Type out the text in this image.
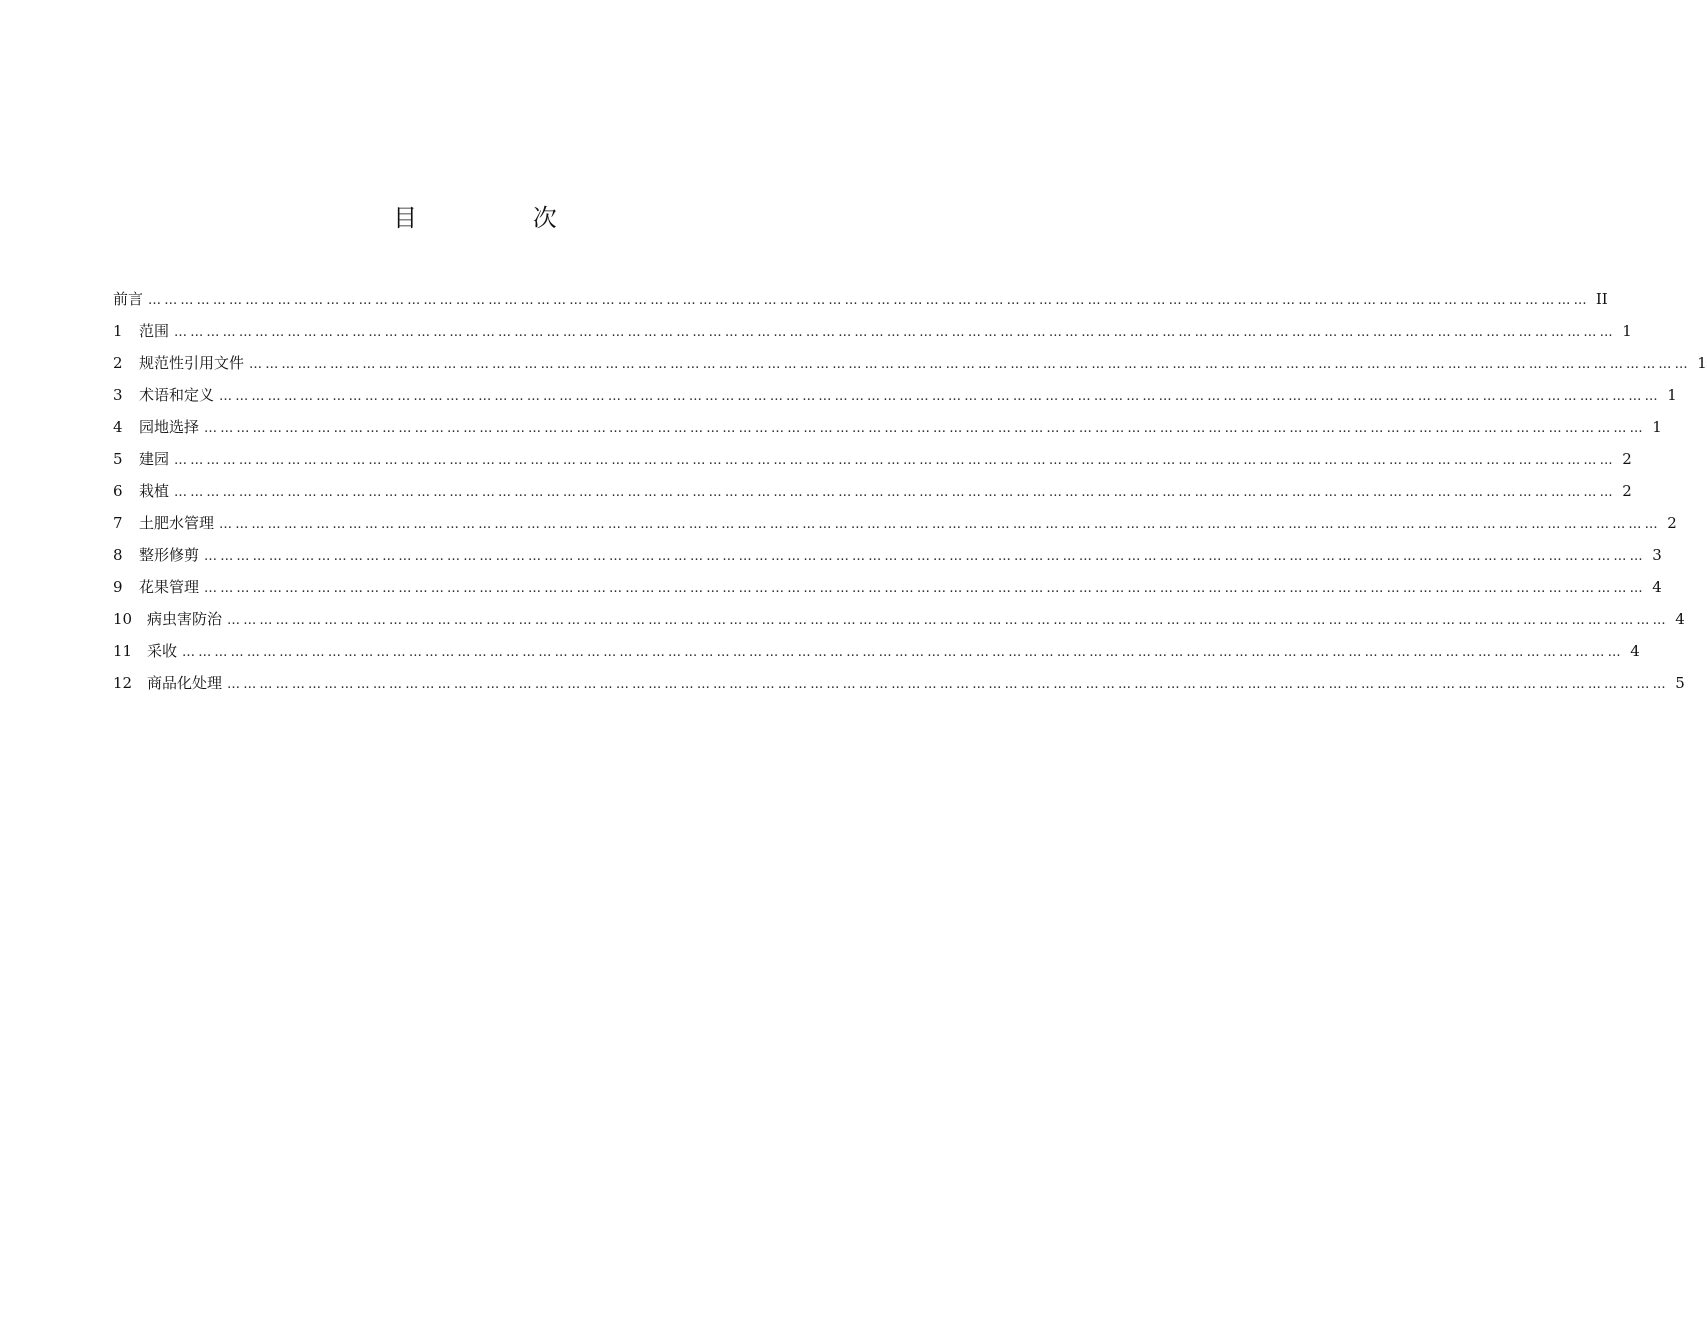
目 次
前言 …………………………………………………………………………………………………………………………………………………………………………………………………………………………………………… II
1	范围 …………………………………………………………………………………………………………………………………………………………………………………………………………………………………………… 1
2	规范性引用文件 …………………………………………………………………………………………………………………………………………………………………………………………………………………………………………… 1
3	术语和定义 …………………………………………………………………………………………………………………………………………………………………………………………………………………………………………… 1
4	园地选择 …………………………………………………………………………………………………………………………………………………………………………………………………………………………………………… 1
5	建园 …………………………………………………………………………………………………………………………………………………………………………………………………………………………………………… 2
6	栽植 …………………………………………………………………………………………………………………………………………………………………………………………………………………………………………… 2
7	土肥水管理 …………………………………………………………………………………………………………………………………………………………………………………………………………………………………………… 2
8	整形修剪 …………………………………………………………………………………………………………………………………………………………………………………………………………………………………………… 3
9	花果管理 …………………………………………………………………………………………………………………………………………………………………………………………………………………………………………… 4
10 病虫害防治 …………………………………………………………………………………………………………………………………………………………………………………………………………………………………………… 4
11 采收 …………………………………………………………………………………………………………………………………………………………………………………………………………………………………………… 4
12 商品化处理 …………………………………………………………………………………………………………………………………………………………………………………………………………………………………………… 5
